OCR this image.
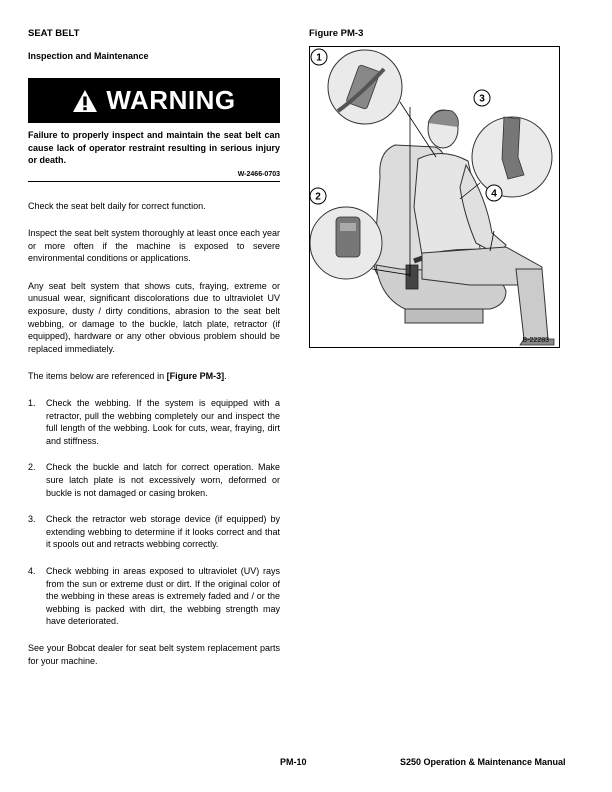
SEAT BELT
Inspection and Maintenance
WARNING
Failure to properly inspect and maintain the seat belt can cause lack of operator restraint resulting in serious injury or death.
W-2466-0703

Check the seat belt daily for correct function.

Inspect the seat belt system thoroughly at least once each year or more often if the machine is exposed to severe environmental conditions or applications.

Any seat belt system that shows cuts, fraying, extreme or unusual wear, significant discolorations due to ultraviolet UV exposure, dusty / dirty conditions, abrasion to the seat belt webbing, or damage to the buckle, latch plate, retractor (if equipped), hardware or any other obvious problem should be replaced immediately.

The items below are referenced in [Figure PM-3].

1.	Check the webbing. If the system is equipped with a retractor, pull the webbing completely our and inspect the full length of the webbing. Look for cuts, wear, fraying, dirt and stiffness.
2.	Check the buckle and latch for correct operation. Make sure latch plate is not excessively worn, deformed or buckle is not damaged or casing broken.
3.	Check the retractor web storage device (if equipped) by extending webbing to determine if it looks correct and that it spools out and retracts webbing correctly.
4.	Check webbing in areas exposed to ultraviolet (UV) rays from the sun or extreme dust or dirt. If the original color of the webbing in these areas is extremely faded and / or the webbing is packed with dirt, the webbing strength may have deteriorated.

See your Bobcat dealer for seat belt system replacement parts for your machine.

Figure PM-3
1
2
3
4
B-22283
PM-10	S250 Operation & Maintenance Manual
